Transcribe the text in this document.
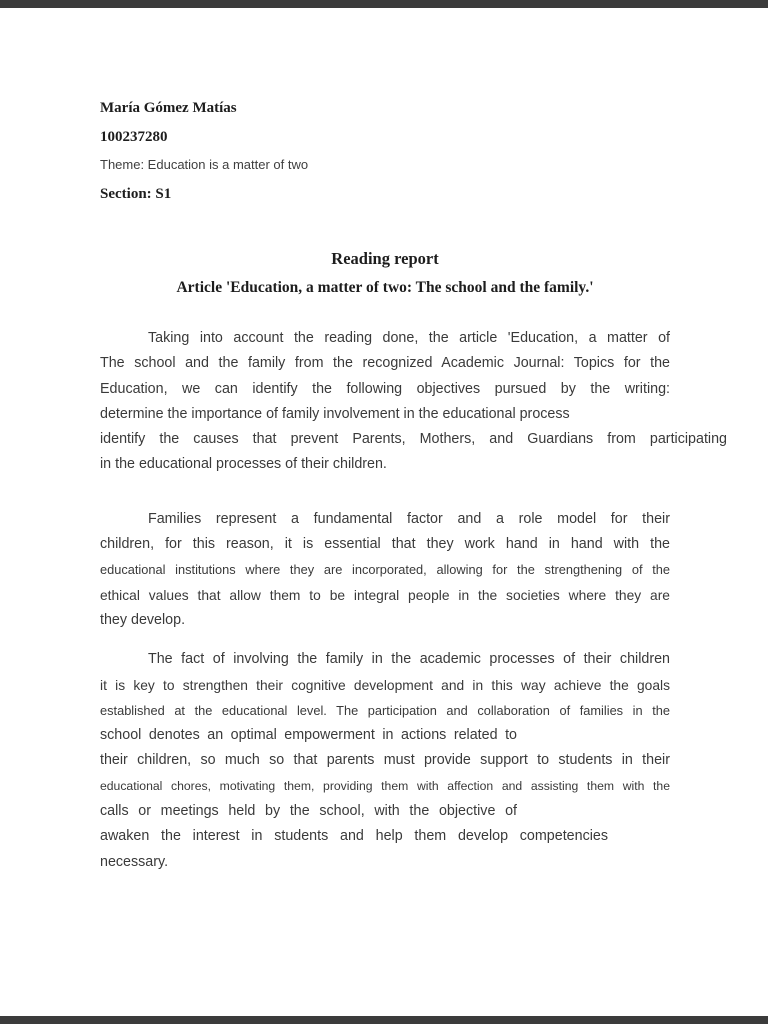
María Gómez Matías
100237280
Theme: Education is a matter of two
Section: S1
Reading report
Article 'Education, a matter of two: The school and the family.'
Taking into account the reading done, the article 'Education, a matter of
The school and the family from the recognized Academic Journal: Topics for the
Education, we can identify the following objectives pursued by the writing:
determine the importance of family involvement in the educational process
identify the causes that prevent Parents, Mothers, and Guardians from participating
in the educational processes of their children.
Families represent a fundamental factor and a role model for their
children, for this reason, it is essential that they work hand in hand with the
educational institutions where they are incorporated, allowing for the strengthening of the
ethical values that allow them to be integral people in the societies where they are
they develop.
The fact of involving the family in the academic processes of their children
it is key to strengthen their cognitive development and in this way achieve the goals
established at the educational level. The participation and collaboration of families in the
school denotes an optimal empowerment in actions related to
their children, so much so that parents must provide support to students in their
educational chores, motivating them, providing them with affection and assisting them with the
calls or meetings held by the school, with the objective of
awaken the interest in students and help them develop competencies
necessary.
